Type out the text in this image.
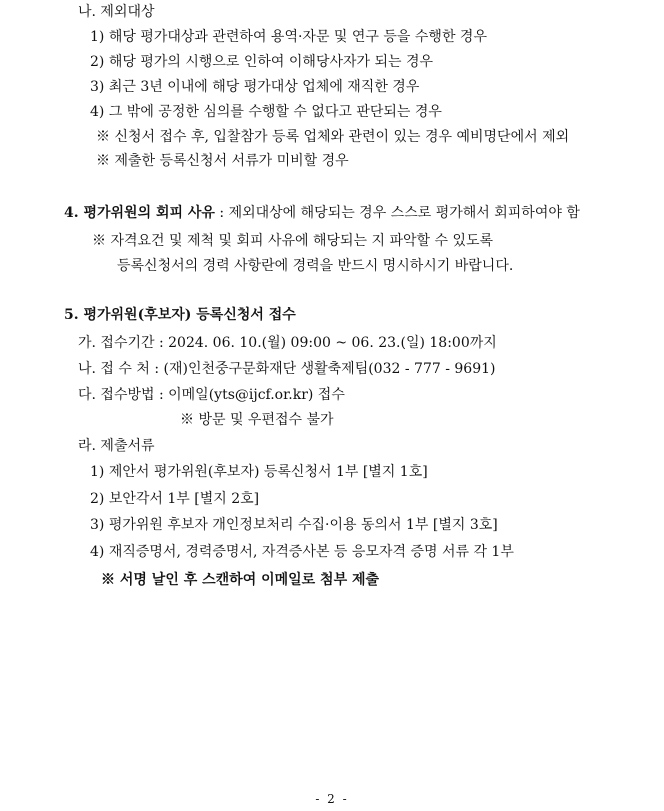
나. 제외대상
1) 해당 평가대상과 관련하여 용역·자문 및 연구 등을 수행한 경우
2) 해당 평가의 시행으로 인하여 이해당사자가 되는 경우
3) 최근 3년 이내에 해당 평가대상 업체에 재직한 경우
4) 그 밖에 공정한 심의를 수행할 수 없다고 판단되는 경우
※ 신청서 접수 후, 입찰참가 등록 업체와 관련이 있는 경우 예비명단에서 제외
※ 제출한 등록신청서 서류가 미비할 경우
4. 평가위원의 회피 사유 : 제외대상에 해당되는 경우 스스로 평가해서 회피하여야 함
※ 자격요건 및 제척 및 회피 사유에 해당되는 지 파악할 수 있도록
등록신청서의 경력 사항란에 경력을 반드시 명시하시기 바랍니다.
5. 평가위원(후보자) 등록신청서 접수
가. 접수기간 : 2024. 06. 10.(월) 09:00 ~ 06. 23.(일) 18:00까지
나. 접 수 처 : (재)인천중구문화재단 생활축제팀(032 - 777 - 9691)
다. 접수방법 : 이메일(yts@ijcf.or.kr) 접수
※ 방문 및 우편접수 불가
라. 제출서류
1) 제안서 평가위원(후보자) 등록신청서 1부 [별지 1호]
2) 보안각서 1부 [별지 2호]
3) 평가위원 후보자 개인정보처리 수집·이용 동의서 1부 [별지 3호]
4) 재직증명서, 경력증명서, 자격증사본 등 응모자격 증명 서류 각 1부
※ 서명 날인 후 스캔하여 이메일로 첨부 제출
- 2 -
